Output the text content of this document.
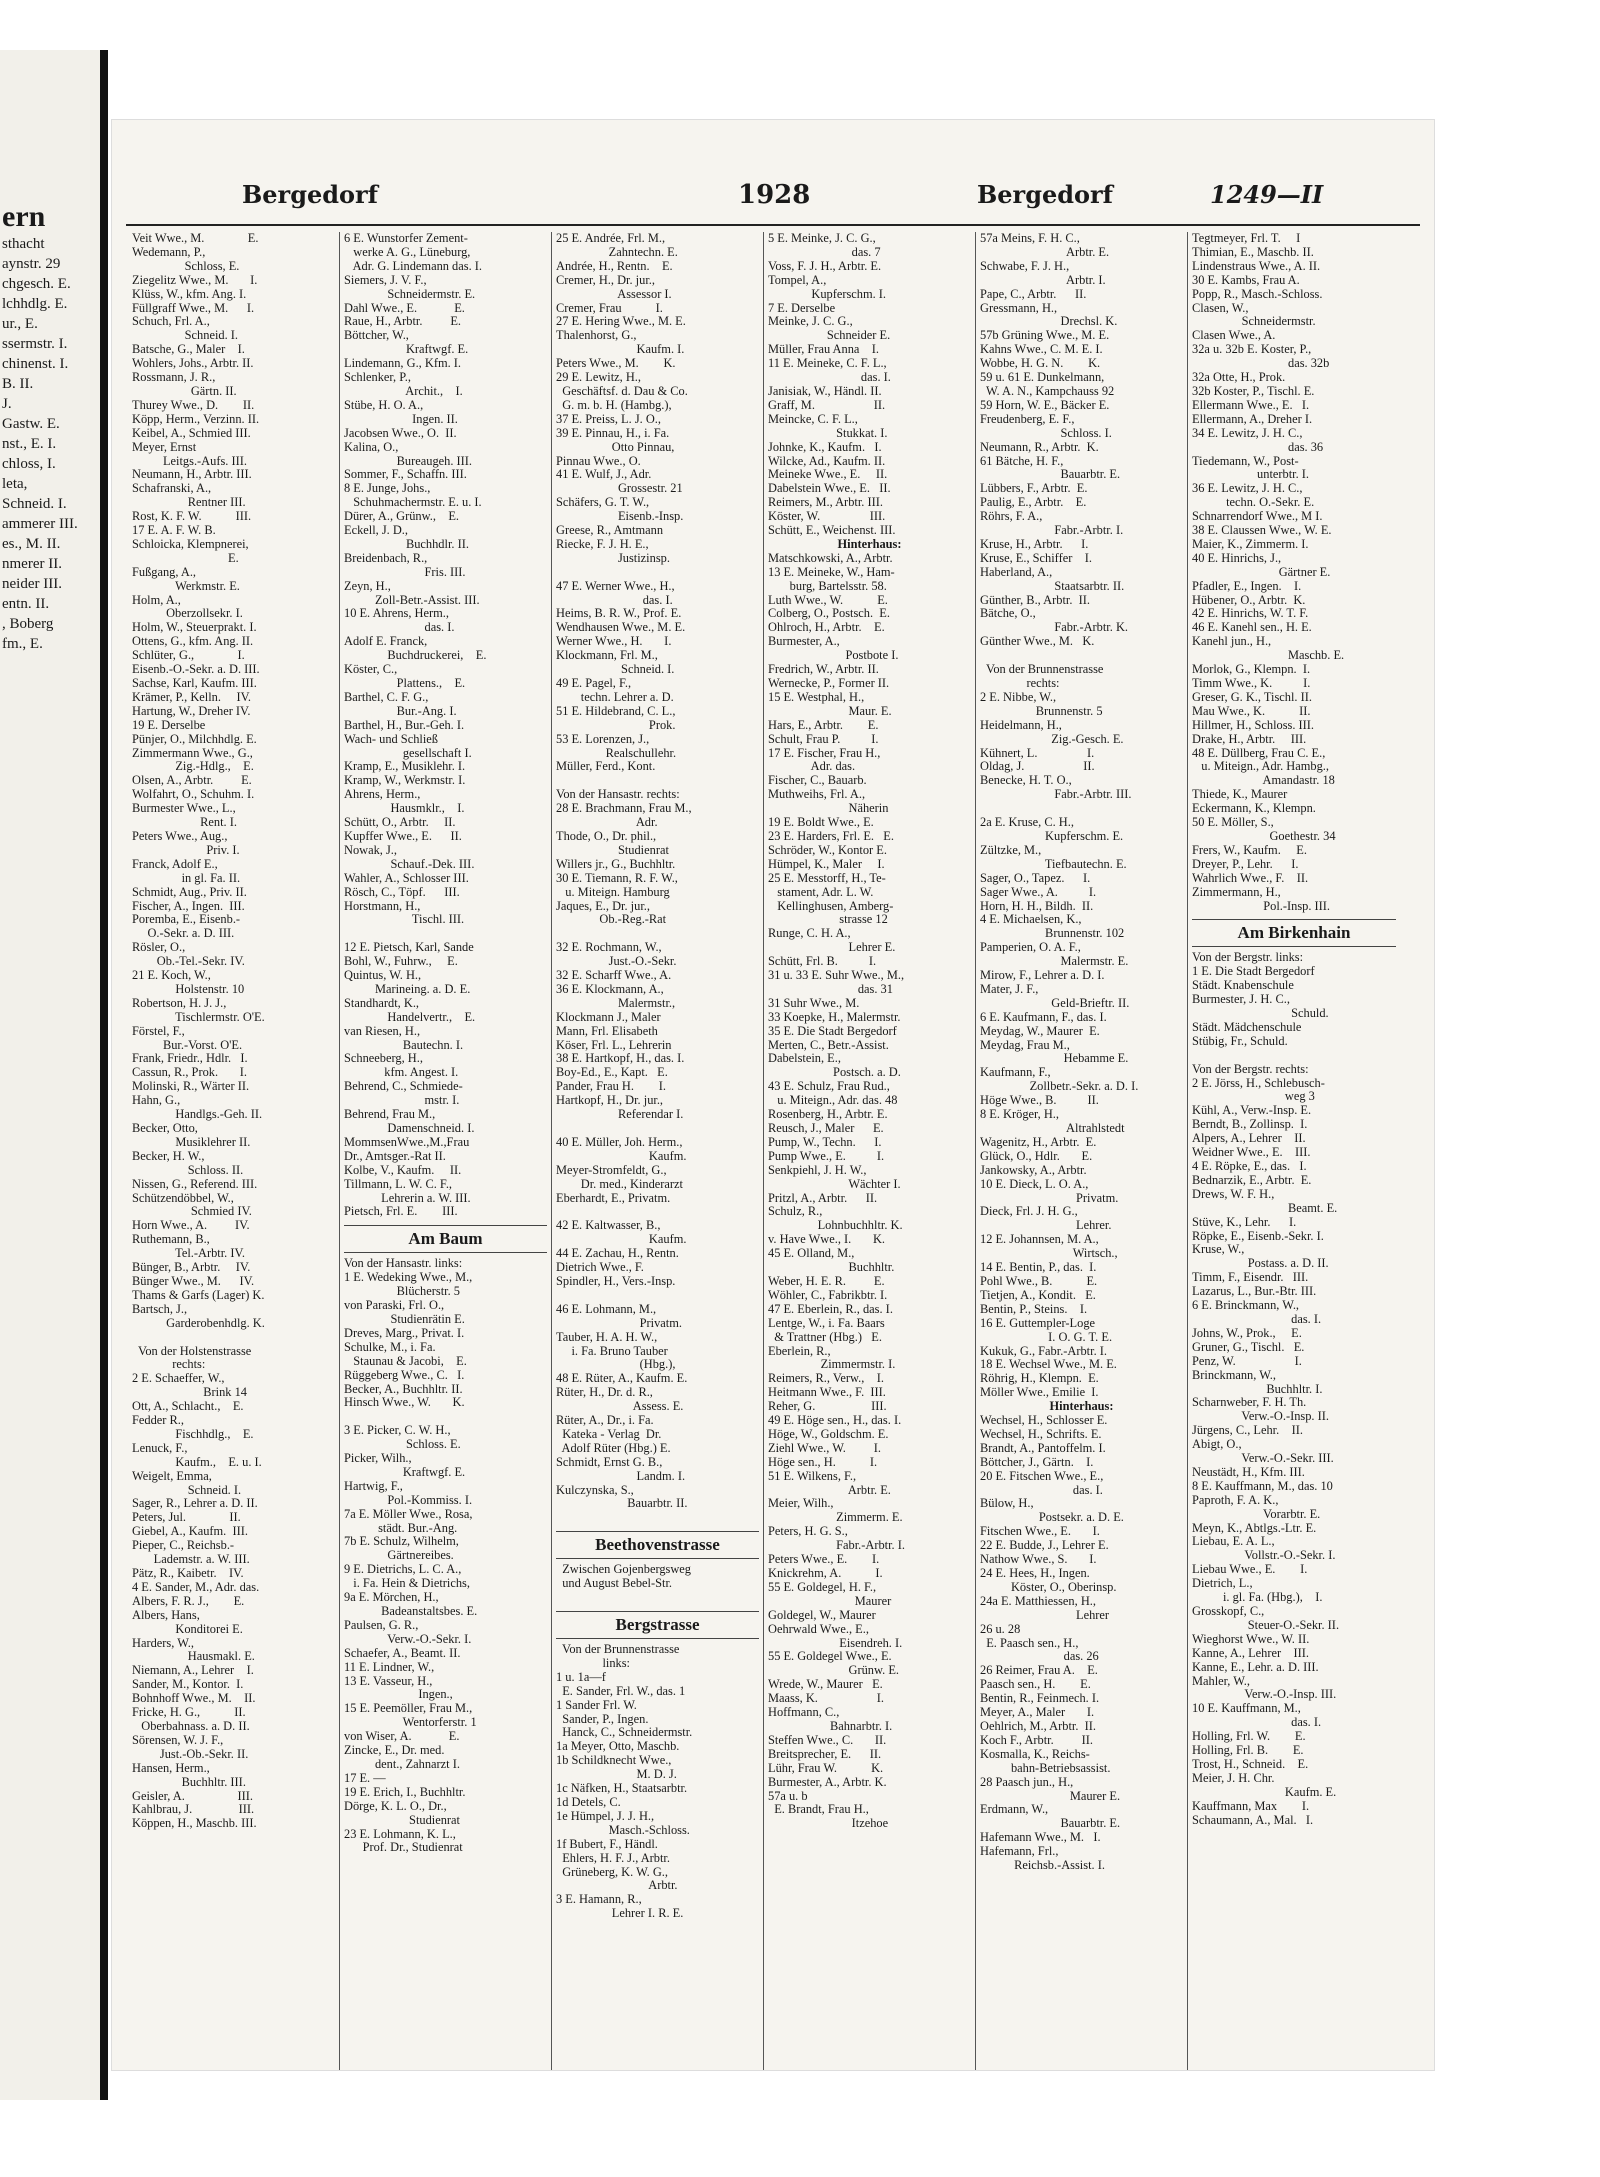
ern
sthacht
aynstr. 29
chgesch. E.
lchhdlg. E.
ur., E.
ssermstr. I.
chinenst. I.
B. II.
J.
Gastw. E.
nst., E. I.
chloss, I.
leta,
Schneid. I.
ammerer III.
es., M. II.
nmerer II.
neider III.
entn. II.
, Boberg
fm., E.
Bergedorf	1928	Bergedorf	1249—II
Veit Wwe., M.              E.
Wedemann, P.,
Schloss, E.
Ziegelitz Wwe., M.       I.
Klüss, W., kfm. Ang. I.
Füllgraff Wwe., M.      I.
Schuch, Frl. A.,
Schneid. I.
Batsche, G., Maler    I.
Wohlers, Johs., Arbtr. II.
Rossmann, J. R.,
Gärtn. II.
Thurey Wwe., D.        II.
Köpp, Herm., Verzinn. II.
Keibel, A., Schmied III.
Meyer, Ernst
Leitgs.-Aufs. III.
Neumann, H., Arbtr. III.
Schafranski, A.,
Rentner III.
Rost, K. F. W.           III.
17 E. A. F. W. B.
Schloicka, Klempnerei,
E.
Fußgang, A.,
Werkmstr. E.
Holm, A.,
Oberzollsekr. I.
Holm, W., Steuerprakt. I.
Ottens, G., kfm. Ang. II.
Schlüter, G.,              I.
Eisenb.-O.-Sekr. a. D. III.
Sachse, Karl, Kaufm. III.
Krämer, P., Kelln.     IV.
Hartung, W., Dreher IV.
19 E. Derselbe
Pünjer, O., Milchhdlg. E.
Zimmermann Wwe., G.,
Zig.-Hdlg.,    E.
Olsen, A., Arbtr.         E.
Wolfahrt, O., Schuhm. I.
Burmester Wwe., L.,
Rent. I.
Peters Wwe., Aug.,
Priv. I.
Franck, Adolf E.,
in gl. Fa. II.
Schmidt, Aug., Priv. II.
Fischer, A., Ingen.  III.
Poremba, E., Eisenb.-
O.-Sekr. a. D. III.
Rösler, O.,
Ob.-Tel.-Sekr. IV.
21 E. Koch, W.,
Holstenstr. 10
Robertson, H. J. J.,
Tischlermstr. O'E.
Förstel, F.,
Bur.-Vorst. O'E.
Frank, Friedr., Hdlr.   I.
Cassun, R., Prok.       I.
Molinski, R., Wärter II.
Hahn, G.,
Handlgs.-Geh. II.
Becker, Otto,
Musiklehrer II.
Becker, H. W.,
Schloss. II.
Nissen, G., Referend. III.
Schützendöbbel, W.,
Schmied IV.
Horn Wwe., A.         IV.
Ruthemann, B.,
Tel.-Arbtr. IV.
Bünger, B., Arbtr.     IV.
Bünger Wwe., M.      IV.
Thams & Garfs (Lager) K.
Bartsch, J.,
Garderobenhdlg. K.

Von der Holstenstrasse
rechts:
2 E. Schaeffer, W.,
Brink 14
Ott, A., Schlacht.,    E.
Fedder R.,
Fischhdlg.,    E.
Lenuck, F.,
Kaufm.,    E. u. I.
Weigelt, Emma,
Schneid. I.
Sager, R., Lehrer a. D. II.
Peters, Jul.              II.
Giebel, A., Kaufm.  III.
Pieper, C., Reichsb.-
Lademstr. a. W. III.
Pätz, R., Kaibetr.    IV.
4 E. Sander, M., Adr. das.
Albers, F. R. J.,        E.
Albers, Hans,
Konditorei E.
Harders, W.,
Hausmakl. E.
Niemann, A., Lehrer    I.
Sander, M., Kontor.  I.
Bohnhoff Wwe., M.    II.
Fricke, H. G.,           II.
Oberbahnass. a. D. II.
Sörensen, W. J. F.,
Just.-Ob.-Sekr. II.
Hansen, Herm.,
Buchhltr. III.
Geisler, A.                 III.
Kahlbrau, J.               III.
Köppen, H., Maschb. III.
6 E. Wunstorfer Zement-
werke A. G., Lüneburg,
Adr. G. Lindemann das. I.
Siemers, J. V. F.,
Schneidermstr. E.
Dahl Wwe., E.            E.
Raue, H., Arbtr.         E.
Böttcher, W.,
Kraftwgf. E.
Lindemann, G., Kfm. I.
Schlenker, P.,
Archit.,    I.
Stübe, H. O. A.,
Ingen. II.
Jacobsen Wwe., O.  II.
Kalina, O.,
Bureaugeh. III.
Sommer, F., Schaffn. III.
8 E. Junge, Johs.,
Schuhmachermstr. E. u. I.
Dürer, A., Grünw.,    E.
Eckell, J. D.,
Buchhdlr. II.
Breidenbach, R.,
Fris. III.
Zeyn, H.,
Zoll-Betr.-Assist. III.
10 E. Ahrens, Herm.,
das. I.
Adolf E. Franck,
Buchdruckerei,    E.
Köster, C.,
Plattens.,    E.
Barthel, C. F. G.,
Bur.-Ang. I.
Barthel, H., Bur.-Geh. I.
Wach- und Schließ
gesellschaft I.
Kramp, E., Musiklehr. I.
Kramp, W., Werkmstr. I.
Ahrens, Herm.,
Hausmklr.,    I.
Schütt, O., Arbtr.     II.
Kupffer Wwe., E.      II.
Nowak, J.,
Schauf.-Dek. III.
Wahler, A., Schlosser III.
Rösch, C., Töpf.      III.
Horstmann, H.,
Tischl. III.

12 E. Pietsch, Karl, Sande
Bohl, W., Fuhrw.,     E.
Quintus, W. H.,
Marineing. a. D. E.
Standhardt, K.,
Handelvertr.,    E.
van Riesen, H.,
Bautechn. I.
Schneeberg, H.,
kfm. Angest. I.
Behrend, C., Schmiede-
mstr. I.
Behrend, Frau M.,
Damenschneid. I.
MommsenWwe.,M.,Frau
Dr., Amtsger.-Rat II.
Kolbe, V., Kaufm.     II.
Tillmann, L. W. C. F.,
Lehrerin a. W. III.
Pietsch, Frl. E.        III.
Am Baum
Von der Hansastr. links:
1 E. Wedeking Wwe., M.,
Blücherstr. 5
von Paraski, Frl. O.,
Studienrätin E.
Dreves, Marg., Privat. I.
Schulke, M., i. Fa.
Staunau & Jacobi,    E.
Rüggeberg Wwe., C.   I.
Becker, A., Buchhltr. II.
Hinsch Wwe., W.       K.

3 E. Picker, C. W. H.,
Schloss. E.
Picker, Wilh.,
Kraftwgf. E.
Hartwig, F.,
Pol.-Kommiss. I.
7a E. Möller Wwe., Rosa,
städt. Bur.-Ang.
7b E. Schulz, Wilhelm,
Gärtnereibes.
9 E. Dietrichs, L. C. A.,
i. Fa. Hein & Dietrichs,
9a E. Mörchen, H.,
Badeanstaltsbes. E.
Paulsen, G. R.,
Verw.-O.-Sekr. I.
Schaefer, A., Beamt. II.
11 E. Lindner, W.,
13 E. Vasseur, H.,
Ingen.,
15 E. Peemöller, Frau M.,
Wentorferstr. 1
von Wiser, A.            E.
Zincke, E., Dr. med.
dent., Zahnarzt I.
17 E. —
19 E. Erich, I., Buchhltr.
Dörge, K. L. O., Dr.,
Studienrat
23 E. Lohmann, K. L.,
Prof. Dr., Studienrat
25 E. Andrée, Frl. M.,
Zahntechn. E.
Andrée, H., Rentn.    E.
Cremer, H., Dr. jur.,
Assessor I.
Cremer, Frau           I.
27 E. Hering Wwe., M. E.
Thalenhorst, G.,
Kaufm. I.
Peters Wwe., M.        K.
29 E. Lewitz, H.,
Geschäftsf. d. Dau & Co.
G. m. b. H. (Hambg.),
37 E. Preiss, L. J. O.,
39 E. Pinnau, H., i. Fa.
Otto Pinnau,
Pinnau Wwe., O.
41 E. Wulf, J., Adr.
Grossestr. 21
Schäfers, G. T. W.,
Eisenb.-Insp.
Greese, R., Amtmann
Riecke, F. J. H. E.,
Justizinsp.

47 E. Werner Wwe., H.,
das. I.
Heims, B. R. W., Prof. E.
Wendhausen Wwe., M. E.
Werner Wwe., H.       I.
Klockmann, Frl. M.,
Schneid. I.
49 E. Pagel, F.,
techn. Lehrer a. D.
51 E. Hildebrand, C. L.,
Prok.
53 E. Lorenzen, J.,
Realschullehr.
Müller, Ferd., Kont.

Von der Hansastr. rechts:
28 E. Brachmann, Frau M.,
Adr.
Thode, O., Dr. phil.,
Studienrat
Willers jr., G., Buchhltr.
30 E. Tiemann, R. F. W.,
u. Miteign. Hamburg
Jaques, E., Dr. jur.,
Ob.-Reg.-Rat

32 E. Rochmann, W.,
Just.-O.-Sekr.
32 E. Scharff Wwe., A.
36 E. Klockmann, A.,
Malermstr.,
Klockmann J., Maler
Mann, Frl. Elisabeth
Köser, Frl. L., Lehrerin
38 E. Hartkopf, H., das. I.
Boy-Ed., E., Kapt.   E.
Pander, Frau H.        I.
Hartkopf, H., Dr. jur.,
Referendar I.

40 E. Müller, Joh. Herm.,
Kaufm.
Meyer-Stromfeldt, G.,
Dr. med., Kinderarzt
Eberhardt, E., Privatm.

42 E. Kaltwasser, B.,
Kaufm.
44 E. Zachau, H., Rentn.
Dietrich Wwe., F.
Spindler, H., Vers.-Insp.

46 E. Lohmann, M.,
Privatm.
Tauber, H. A. H. W.,
i. Fa. Bruno Tauber
(Hbg.),
48 E. Rüter, A., Kaufm. E.
Rüter, H., Dr. d. R.,
Assess. E.
Rüter, A., Dr., i. Fa.
Kateka - Verlag  Dr.
Adolf Rüter (Hbg.) E.
Schmidt, Ernst G. B.,
Landm. I.
Kulczynska, S.,
Bauarbtr. II.

Beethovenstrasse
Zwischen Gojenbergsweg
und August Bebel-Str.

Bergstrasse
Von der Brunnenstrasse
links:
1 u. 1a—f
E. Sander, Frl. W., das. 1
1 Sander Frl. W.
Sander, P., Ingen.
Hanck, C., Schneidermstr.
1a Meyer, Otto, Maschb.
1b Schildknecht Wwe.,
M. D. J.
1c Näfken, H., Staatsarbtr.
1d Detels, C.
1e Hümpel, J. J. H.,
Masch.-Schloss.
1f Bubert, F., Händl.
Ehlers, H. F. J., Arbtr.
Grüneberg, K. W. G.,
Arbtr.
3 E. Hamann, R.,
Lehrer I. R. E.
5 E. Meinke, J. C. G.,
das. 7
Voss, F. J. H., Arbtr. E.
Tompel, A.,
Kupferschm. I.
7 E. Derselbe
Meinke, J. C. G.,
Schneider E.
Müller, Frau Anna    I.
11 E. Meineke, C. F. L.,
das. I.
Janisiak, W., Händl. II.
Graff, M.                   II.
Meincke, C. F. L.,
Stukkat. I.
Johnke, K., Kaufm.   I.
Wilcke, Ad., Kaufm. II.
Meineke Wwe., E.     II.
Dabelstein Wwe., E.   II.
Reimers, M., Arbtr. III.
Köster, W.                III.
Schütt, E., Weichenst. III.
Hinterhaus:
Matschkowski, A., Arbtr.
13 E. Meineke, W., Ham-
burg, Bartelsstr. 58.
Luth Wwe., W.           E.
Colberg, O., Postsch.  E.
Ohlroch, H., Arbtr.    E.
Burmester, A.,
Postbote I.
Fredrich, W., Arbtr. II.
Wernecke, P., Former II.
15 E. Westphal, H.,
Maur. E.
Hars, E., Arbtr.        E.
Schult, Frau P.          I.
17 E. Fischer, Frau H.,
Adr. das.
Fischer, C., Bauarb.
Muthweihs, Frl. A.,
Näherin
19 E. Boldt Wwe., E.
23 E. Harders, Frl. E.   E.
Schröder, W., Kontor E.
Hümpel, K., Maler     I.
25 E. Messtorff, H., Te-
stament, Adr. L. W.
Kellinghusen, Amberg-
strasse 12
Runge, C. H. A.,
Lehrer E.
Schütt, Frl. B.          I.
31 u. 33 E. Suhr Wwe., M.,
das. 31
31 Suhr Wwe., M.
33 Koepke, H., Malermstr.
35 E. Die Stadt Bergedorf
Merten, C., Betr.-Assist.
Dabelstein, E.,
Postsch. a. D.
43 E. Schulz, Frau Rud.,
u. Miteign., Adr. das. 48
Rosenberg, H., Arbtr. E.
Reusch, J., Maler      E.
Pump, W., Techn.      I.
Pump Wwe., E.          I.
Senkpiehl, J. H. W.,
Wächter I.
Pritzl, A., Arbtr.      II.
Schulz, R.,
Lohnbuchhltr. K.
v. Have Wwe., I.       K.
45 E. Olland, M.,
Buchhltr.
Weber, H. E. R.         E.
Wöhler, C., Fabrikbtr. I.
47 E. Eberlein, R., das. I.
Lentge, W., i. Fa. Baars
& Trattner (Hbg.)   E.
Eberlein, R.,
Zimmermstr. I.
Reimers, R., Verw.,    I.
Heitmann Wwe., F.  III.
Reher, G.                  III.
49 E. Höge sen., H., das. I.
Höge, W., Goldschm. E.
Ziehl Wwe., W.         I.
Höge sen., H.           I.
51 E. Wilkens, F.,
Arbtr. E.
Meier, Wilh.,
Zimmerm. E.
Peters, H. G. S.,
Fabr.-Arbtr. I.
Peters Wwe., E.        I.
Knickrehm, A.           I.
55 E. Goldegel, H. F.,
Maurer
Goldegel, W., Maurer
Oehrwald Wwe., E.,
Eisendreh. I.
55 E. Goldegel Wwe., E.
Grünw. E.
Wrede, W., Maurer   E.
Maass, K.                   I.
Hoffmann, C.,
Bahnarbtr. I.
Steffen Wwe., C.       II.
Breitsprecher, E.      II.
Lühr, Frau W.           K.
Burmester, A., Arbtr. K.
57a u. b
E. Brandt, Frau H.,
Itzehoe
57a Meins, F. H. C.,
Arbtr. E.
Schwabe, F. J. H.,
Arbtr. I.
Pape, C., Arbtr.      II.
Gressmann, H.,
Drechsl. K.
57b Grüning Wwe., M. E.
Kahns Wwe., C. M. E. I.
Wobbe, H. G. N.        K.
59 u. 61 E. Dunkelmann,
W. A. N., Kampchauss 92
59 Horn, W. E., Bäcker E.
Freudenberg, E. F.,
Schloss. I.
Neumann, R., Arbtr.  K.
61 Bätche, H. F.,
Bauarbtr. E.
Lübbers, F., Arbtr.  E.
Paulig, E., Arbtr.    E.
Röhrs, F. A.,
Fabr.-Arbtr. I.
Kruse, H., Arbtr.      I.
Kruse, E., Schiffer    I.
Haberland, A.,
Staatsarbtr. II.
Günther, B., Arbtr.  II.
Bätche, O.,
Fabr.-Arbtr. K.
Günther Wwe., M.   K.

Von der Brunnenstrasse
rechts:
2 E. Nibbe, W.,
Brunnenstr. 5
Heidelmann, H.,
Zig.-Gesch. E.
Kühnert, L.                I.
Oldag, J.                   II.
Benecke, H. T. O.,
Fabr.-Arbtr. III.

2a E. Kruse, C. H.,
Kupferschm. E.
Zültzke, M.,
Tiefbautechn. E.
Sager, O., Tapez.      I.
Sager Wwe., A.          I.
Horn, H. H., Bildh.  II.
4 E. Michaelsen, K.,
Brunnenstr. 102
Pamperien, O. A. F.,
Malermstr. E.
Mirow, F., Lehrer a. D. I.
Mater, J. F.,
Geld-Brieftr. II.
6 E. Kaufmann, F., das. I.
Meydag, W., Maurer  E.
Meydag, Frau M.,
Hebamme E.
Kaufmann, F.,
Zollbetr.-Sekr. a. D. I.
Höge Wwe., B.          II.
8 E. Kröger, H.,
Altrahlstedt
Wagenitz, H., Arbtr.  E.
Glück, O., Hdlr.       E.
Jankowsky, A., Arbtr.
10 E. Dieck, L. O. A.,
Privatm.
Dieck, Frl. J. H. G.,
Lehrer.
12 E. Johannsen, M. A.,
Wirtsch.,
14 E. Bentin, P., das.  I.
Pohl Wwe., B.           E.
Tietjen, A., Kondit.   E.
Bentin, P., Steins.    I.
16 E. Guttempler-Loge
I. O. G. T. E.
Kukuk, G., Fabr.-Arbtr. I.
18 E. Wechsel Wwe., M. E.
Röhrig, H., Klempn.  E.
Möller Wwe., Emilie  I.
Hinterhaus:
Wechsel, H., Schlosser E.
Wechsel, H., Schrifts. E.
Brandt, A., Pantoffelm. I.
Böttcher, J., Gärtn.    I.
20 E. Fitschen Wwe., E.,
das. I.
Bülow, H.,
Postsekr. a. D. E.
Fitschen Wwe., E.       I.
22 E. Budde, J., Lehrer E.
Nathow Wwe., S.       I.
24 E. Hees, H., Ingen.
Köster, O., Oberinsp.
24a E. Matthiessen, H.,
Lehrer
26 u. 28
E. Paasch sen., H.,
das. 26
26 Reimer, Frau A.    E.
Paasch sen., H.        E.
Bentin, R., Feinmech. I.
Meyer, A., Maler       I.
Oehlrich, M., Arbtr.  II.
Koch F., Arbtr.         II.
Kosmalla, K., Reichs-
bahn-Betriebsassist.
28 Paasch jun., H.,
Maurer E.
Erdmann, W.,
Bauarbtr. E.
Hafemann Wwe., M.   I.
Hafemann, Frl.,
Reichsb.-Assist. I.
Tegtmeyer, Frl. T.     I
Thimian, E., Maschb. II.
Lindenstraus Wwe., A. II.
30 E. Kambs, Frau A.
Popp, R., Masch.-Schloss.
Clasen, W.,
Schneidermstr.
Clasen Wwe., A.
32a u. 32b E. Koster, P.,
das. 32b
32a Otte, H., Prok.
32b Koster, P., Tischl. E.
Ellermann Wwe., E.   I.
Ellermann, A., Dreher I.
34 E. Lewitz, J. H. C.,
das. 36
Tiedemann, W., Post-
unterbtr. I.
36 E. Lewitz, J. H. C.,
techn. O.-Sekr. E.
Schnarrendorf Wwe., M I.
38 E. Claussen Wwe., W. E.
Maier, K., Zimmerm. I.
40 E. Hinrichs, J.,
Gärtner E.
Pfadler, E., Ingen.    I.
Hübener, O., Arbtr.  K.
42 E. Hinrichs, W. T. F.
46 E. Kanehl sen., H. E.
Kanehl jun., H.,
Maschb. E.
Morlok, G., Klempn.  I.
Timm Wwe., K.          I.
Greser, G. K., Tischl. II.
Mau Wwe., K.           II.
Hillmer, H., Schloss. III.
Drake, H., Arbtr.     III.
48 E. Düllberg, Frau C. E.,
u. Miteign., Adr. Hambg.,
Amandastr. 18
Thiede, K., Maurer
Eckermann, K., Klempn.
50 E. Möller, S.,
Goethestr. 34
Frers, W., Kaufm.     E.
Dreyer, P., Lehr.      I.
Wahrlich Wwe., F.    II.
Zimmermann, H.,
Pol.-Insp. III.
Am Birkenhain
Von der Bergstr. links:
1 E. Die Stadt Bergedorf
Städt. Knabenschule
Burmester, J. H. C.,
Schuld.
Städt. Mädchenschule
Stübig, Fr., Schuld.

Von der Bergstr. rechts:
2 E. Jörss, H., Schlebusch-
weg 3
Kühl, A., Verw.-Insp. E.
Berndt, B., Zollinsp.  I.
Alpers, A., Lehrer    II.
Weidner Wwe., E.    III.
4 E. Röpke, E., das.   I.
Bednarzik, E., Arbtr.  E.
Drews, W. F. H.,
Beamt. E.
Stüve, K., Lehr.      I.
Röpke, E., Eisenb.-Sekr. I.
Kruse, W.,
Postass. a. D. II.
Timm, F., Eisendr.   III.
Lazarus, L., Bur.-Btr. III.
6 E. Brinckmann, W.,
das. I.
Johns, W., Prok.,     E.
Gruner, G., Tischl.   E.
Penz, W.                   I.
Brinckmann, W.,
Buchhltr. I.
Scharnweber, F. H. Th.
Verw.-O.-Insp. II.
Jürgens, C., Lehr.    II.
Abigt, O.,
Verw.-O.-Sekr. III.
Neustädt, H., Kfm. III.
8 E. Kauffmann, M., das. 10
Paproth, F. A. K.,
Vorarbtr. E.
Meyn, K., Abtlgs.-Ltr. E.
Liebau, E. A. L.,
Vollstr.-O.-Sekr. I.
Liebau Wwe., E.        I.
Dietrich, L.,
i. gl. Fa. (Hbg.),    I.
Grosskopf, C.,
Steuer-O.-Sekr. II.
Wieghorst Wwe., W. II.
Kanne, A., Lehrer    III.
Kanne, E., Lehr. a. D. III.
Mahler, W.,
Verw.-O.-Insp. III.
10 E. Kauffmann, M.,
das. I.
Holling, Frl. W.        E.
Holling, Frl. B.        E.
Trost, H., Schneid.    E.
Meier, J. H. Chr.
Kaufm. E.
Kauffmann, Max        I.
Schaumann, A., Mal.   I.
